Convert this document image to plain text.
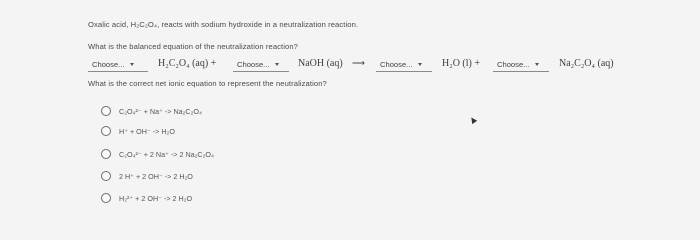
Oxalic acid, H₂C₂O₄, reacts with sodium hydroxide in a neutralization reaction.
What is the balanced equation of the neutralization reaction?
Choose...	H₂C₂O₄ (aq) +	Choose...	NaOH (aq) ⟶ Choose...	H₂O (l) + Choose...	Na₂C₂O₄ (aq)
What is the correct net ionic equation to represent the neutralization?
C₂O₄²⁻ + Na⁺ -> Na₂C₂O₄
H⁺ + OH⁻ -> H₂O
C₂O₄²⁻ + 2 Na⁺ -> 2 Na₂C₂O₄
2 H⁺ + 2 OH⁻ -> 2 H₂O
H₂²⁺ + 2 OH⁻ -> 2 H₂O
